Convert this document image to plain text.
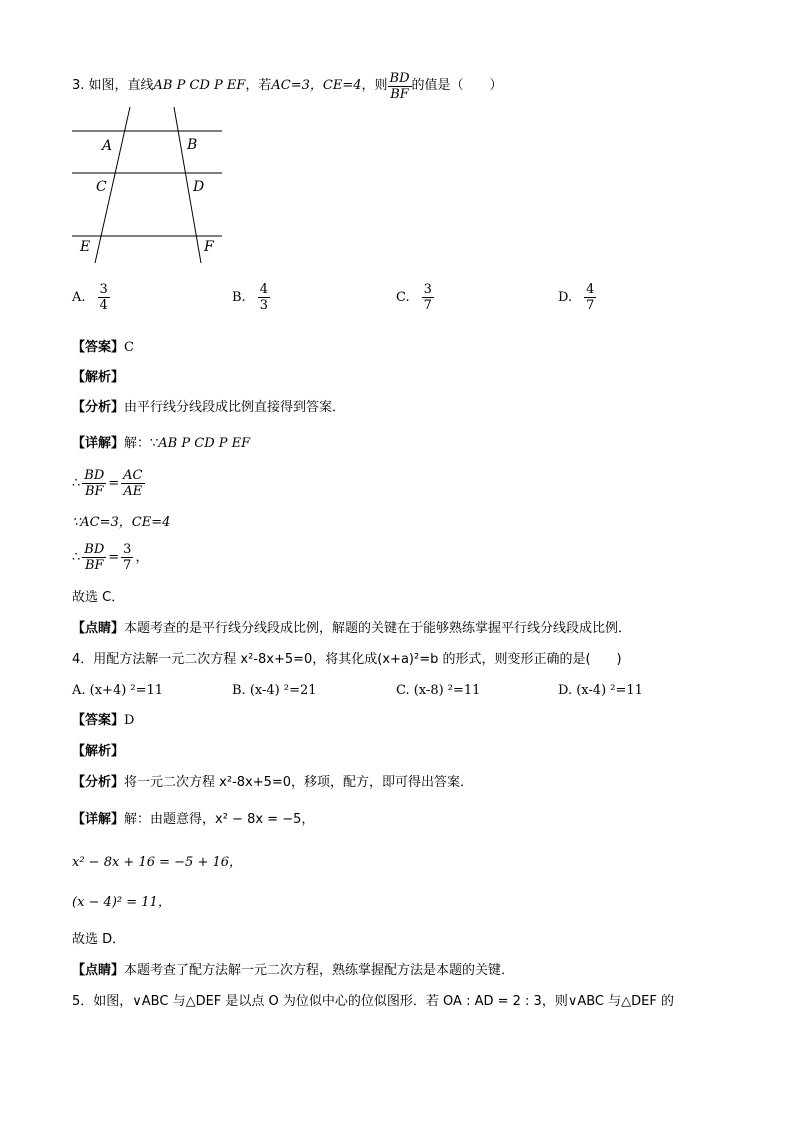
3. 如图，直线 AB P CD P EF ，若 AC=3，CE=4 ，则 $\frac{BD}{BF}$ 的值是（　　）
A	B
C	D
E	F
A. $\frac{3}{4}$	B. $\frac{4}{3}$	C. $\frac{3}{7}$	D. $\frac{4}{7}$
【答案】C
【解析】
【分析】由平行线分线段成比例直接得到答案．
【详解】解：∵AB P CD P EF
∴ $\frac{BD}{BF} = \frac{AC}{AE}$
∵AC=3，CE=4
∴ $\frac{BD}{BF} = \frac{3}{7}$ ，
故选 C．
【点睛】本题考查的是平行线分线段成比例，解题的关键在于能够熟练掌握平行线分线段成比例．
4．用配方法解一元二次方程 x²-8x+5=0，将其化成(x+a)²=b 的形式，则变形正确的是(　　)
A. (x+4) ²=11	B. (x-4) ²=21	C. (x-8) ²=11	D. (x-4) ²=11
【答案】D
【解析】
【分析】将一元二次方程 x²-8x+5=0，移项，配方，即可得出答案．
【详解】解：由题意得，x² − 8x = −5，
x² − 8x + 16 = −5 + 16，
(x − 4)² = 11，
故选 D．
【点睛】本题考查了配方法解一元二次方程，熟练掌握配方法是本题的关键．
5．如图，∨ABC 与△DEF 是以点 O 为位似中心的位似图形．若 OA : AD = 2 : 3，则∨ABC 与△DEF 的
